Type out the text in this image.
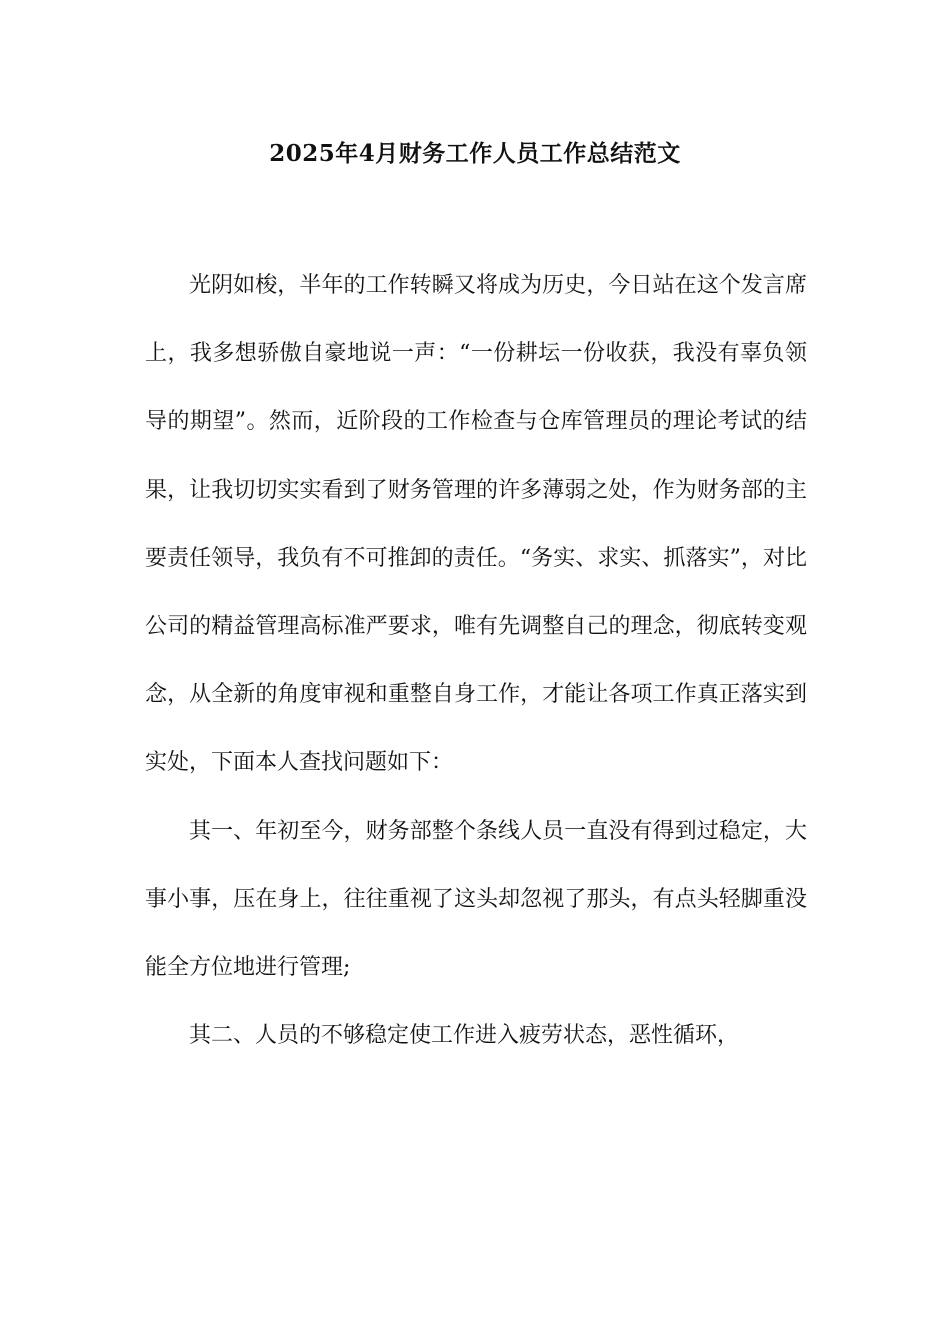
2025年4月财务工作人员工作总结范文

光阴如梭，半年的工作转瞬又将成为历史，今日站在这个发言席上，我多想骄傲自豪地说一声：“一份耕坛一份收获，我没有辜负领导的期望”。然而，近阶段的工作检查与仓库管理员的理论考试的结果，让我切切实实看到了财务管理的许多薄弱之处，作为财务部的主要责任领导，我负有不可推卸的责任。“务实、求实、抓落实”，对比公司的精益管理高标准严要求，唯有先调整自己的理念，彻底转变观念，从全新的角度审视和重整自身工作，才能让各项工作真正落实到实处，下面本人查找问题如下：

其一、年初至今，财务部整个条线人员一直没有得到过稳定，大事小事，压在身上，往往重视了这头却忽视了那头，有点头轻脚重没能全方位地进行管理;

其二、人员的不够稳定使工作进入疲劳状态，恶性循环，
